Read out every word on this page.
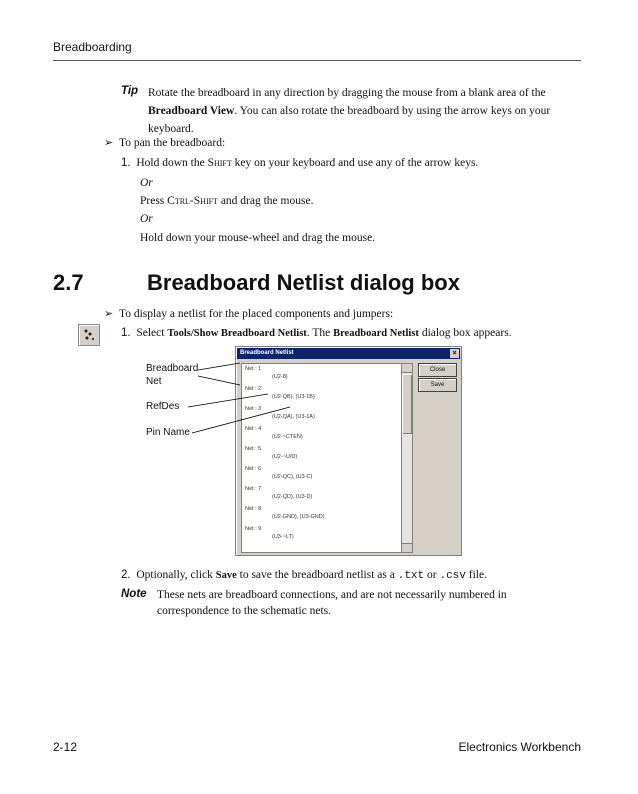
Breadboarding
Tip Rotate the breadboard in any direction by dragging the mouse from a blank area of the Breadboard View. You can also rotate the breadboard by using the arrow keys on your keyboard.
➢ To pan the breadboard:
1. Hold down the Shift key on your keyboard and use any of the arrow keys.
Or
Press Ctrl-Shift and drag the mouse.
Or
Hold down your mouse-wheel and drag the mouse.
2.7	Breadboard Netlist dialog box
➢ To display a netlist for the placed components and jumpers:
1. Select Tools/Show Breadboard Netlist. The Breadboard Netlist dialog box appears.
Breadboard Netlist	×
Net : 1
(U2-8)
Net : 2
(U2-QB), (U3-1B)
Net : 3
(U2-QA), (U3-1A)
Net : 4
(U2-~CTEN)
Net : 5
(U2-~U/D)
Net : 6
(U2-QC), (U3-C)
Net : 7
(U2-QD), (U3-D)
Net : 8
(U2-GND), (U3-GND)
Net : 9
(U3-~LT)
Close
Save
Breadboard
Net
RefDes
Pin Name
2. Optionally, click Save to save the breadboard netlist as a .txt or .csv file.
Note These nets are breadboard connections, and are not necessarily numbered in correspondence to the schematic nets.
2-12	Electronics Workbench
